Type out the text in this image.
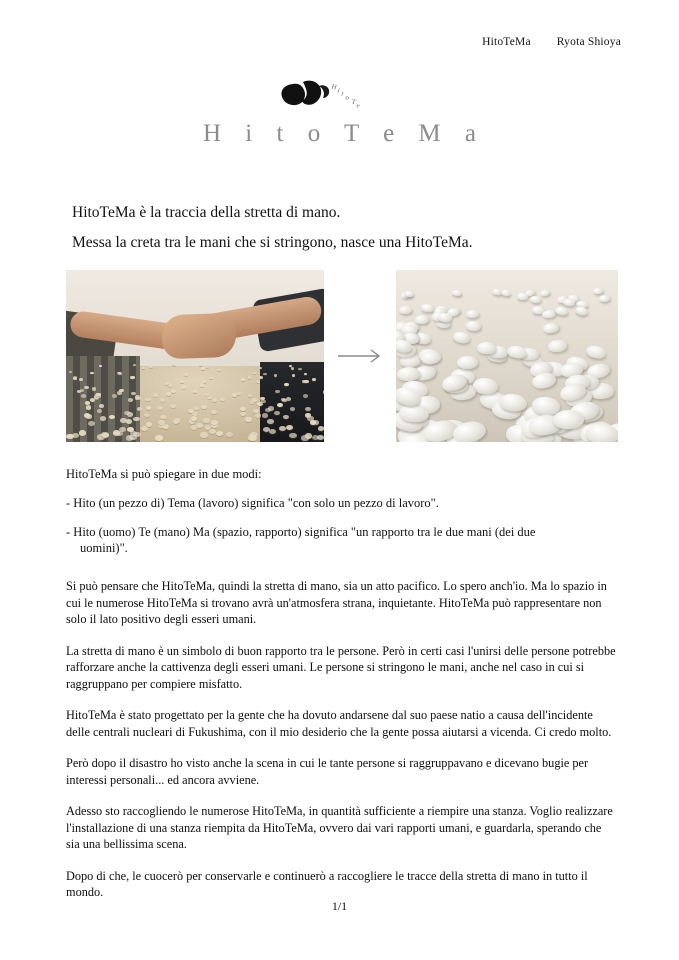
HitoTeMa Ryota Shioya
H
i t o T
e
H i t o T e M a
HitoTeMa è la traccia della stretta di mano.
Messa la creta tra le mani che si stringono, nasce una HitoTeMa.

HitoTeMa si può spiegare in due modi:

- Hito (un pezzo di) Tema (lavoro) significa "con solo un pezzo di lavoro".

- Hito (uomo) Te (mano) Ma (spazio, rapporto) significa "un rapporto tra le due mani (dei due
uomini)".

Si può pensare che HitoTeMa, quindi la stretta di mano, sia un atto pacifico. Lo spero anch'io. Ma lo spazio in cui le numerose HitoTeMa si trovano avrà un'atmosfera strana, inquietante. HitoTeMa può rappresentare non solo il lato positivo degli esseri umani.

La stretta di mano è un simbolo di buon rapporto tra le persone. Però in certi casi l'unirsi delle persone potrebbe rafforzare anche la cattivenza degli esseri umani. Le persone si stringono le mani, anche nel caso in cui si raggruppano per compiere misfatto.

HitoTeMa è stato progettato per la gente che ha dovuto andarsene dal suo paese natio a causa dell'incidente delle centrali nucleari di Fukushima, con il mio desiderio che la gente possa aiutarsi a vicenda. Ci credo molto.

Però dopo il disastro ho visto anche la scena in cui le tante persone si raggruppavano e dicevano bugie per interessi personali... ed ancora avviene.

Adesso sto raccogliendo le numerose HitoTeMa, in quantità sufficiente a riempire una stanza. Voglio realizzare l'installazione di una stanza riempita da HitoTeMa, ovvero dai vari rapporti umani, e guardarla, sperando che sia una bellissima scena.

Dopo di che, le cuocerò per conservarle e continuerò a raccogliere le tracce della stretta di mano in tutto il mondo.

1/1
